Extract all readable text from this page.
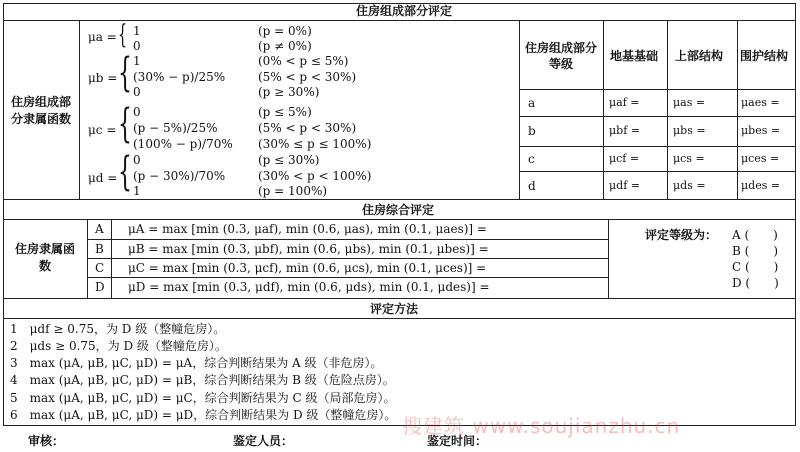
住房组成部分评定
住房组成部分隶属函数
μa = { 1	(p = 0%)
0	(p ≠ 0%)
μb = { 1	(0% < p ≤ 5%)
(30% − p)/25%	(5% < p < 30%)
0	(p ≥ 30%)
μc = { 0	(p ≤ 5%)
(p − 5%)/25%	(5% < p < 30%)
(100% − p)/70% (30% ≤ p ≤ 100%)
μd = { 0	(p ≤ 30%)
(p − 30%)/70%	(30% < p < 100%)
1	(p = 100%)
住房组成部分等级
地基基础 上部结构 围护结构
a	μaf =	μas =	μaes =
b	μbf =	μbs =	μbes =
c	μcf =	μcs =	μces =
d	μdf =	μds =	μdes =
住房综合评定
住房隶属函数
A μA = max [min (0.3, μaf), min (0.6, μas), min (0.1, μaes)] =
B μB = max [min (0.3, μbf), min (0.6, μbs), min (0.1, μbes)] =
C μC = max [min (0.3, μcf), min (0.6, μcs), min (0.1, μces)] =
D μD = max [min (0.3, μdf), min (0.6, μds), min (0.1, μdes)] =
评定等级为： A (　　)
B (　　)
C (　　)
D (　　)
评定方法
1　μdf ≥ 0.75，为 D 级（整幢危房）。
2　μds ≥ 0.75，为 D 级（整幢危房）。
3　max (μA, μB, μC, μD) = μA，综合判断结果为 A 级（非危房）。
4　max (μA, μB, μC, μD) = μB，综合判断结果为 B 级（危险点房）。
5　max (μA, μB, μC, μD) = μC，综合判断结果为 C 级（局部危房）。
6　max (μA, μB, μC, μD) = μD，综合判断结果为 D 级（整幢危房）。 搜建筑 www.soujianzhu.cn
审核：	鉴定人员：	鉴定时间：
